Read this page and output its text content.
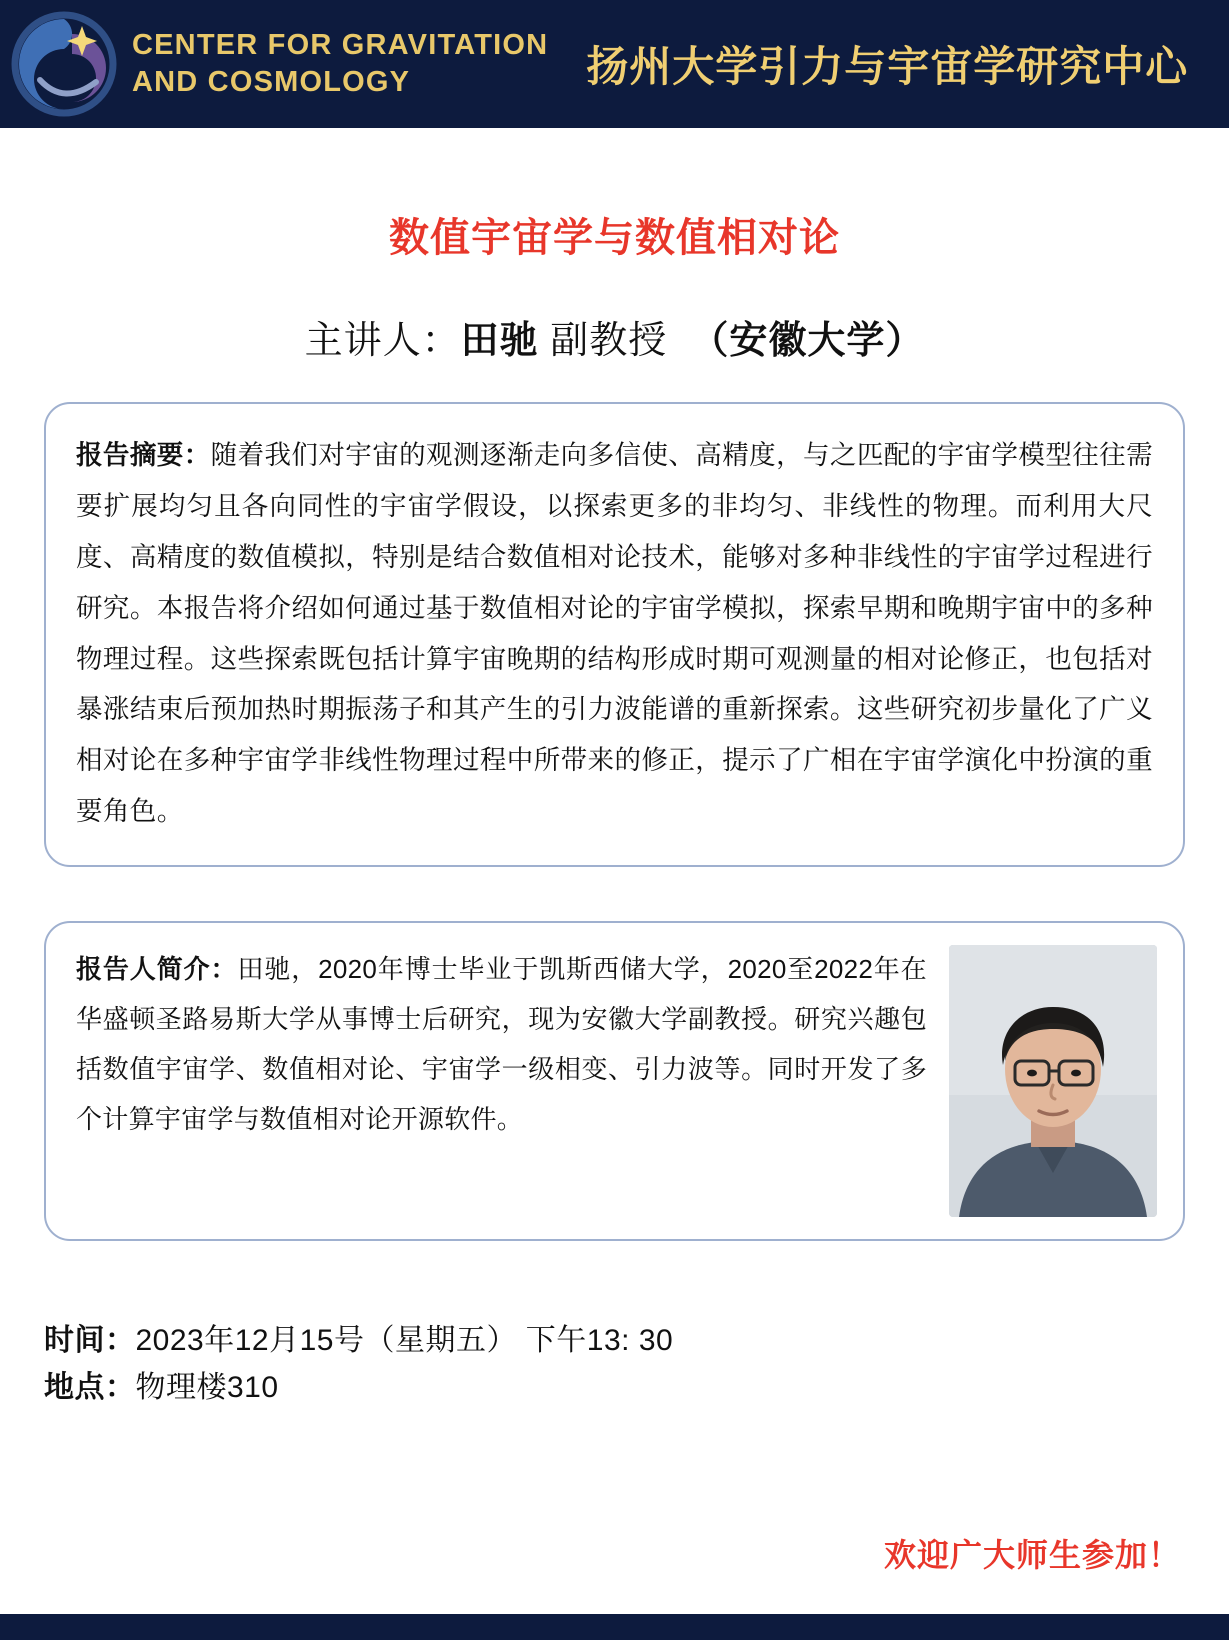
CENTER FOR GRAVITATION
AND COSMOLOGY	扬州大学引力与宇宙学研究中心
数值宇宙学与数值相对论
主讲人：田驰 副教授 （安徽大学）
报告摘要：随着我们对宇宙的观测逐渐走向多信使、高精度，与之匹配的宇宙学模型往往需要扩展均匀且各向同性的宇宙学假设，以探索更多的非均匀、非线性的物理。而利用大尺度、高精度的数值模拟，特别是结合数值相对论技术，能够对多种非线性的宇宙学过程进行研究。本报告将介绍如何通过基于数值相对论的宇宙学模拟，探索早期和晚期宇宙中的多种物理过程。这些探索既包括计算宇宙晚期的结构形成时期可观测量的相对论修正，也包括对暴涨结束后预加热时期振荡子和其产生的引力波能谱的重新探索。这些研究初步量化了广义相对论在多种宇宙学非线性物理过程中所带来的修正，提示了广相在宇宙学演化中扮演的重要角色。
报告人简介：田驰，2020年博士毕业于凯斯西储大学，2020至2022年在华盛顿圣路易斯大学从事博士后研究，现为安徽大学副教授。研究兴趣包括数值宇宙学、数值相对论、宇宙学一级相变、引力波等。同时开发了多个计算宇宙学与数值相对论开源软件。
时间：2023年12月15号（星期五） 下午13: 30
地点：物理楼310
欢迎广大师生参加！
